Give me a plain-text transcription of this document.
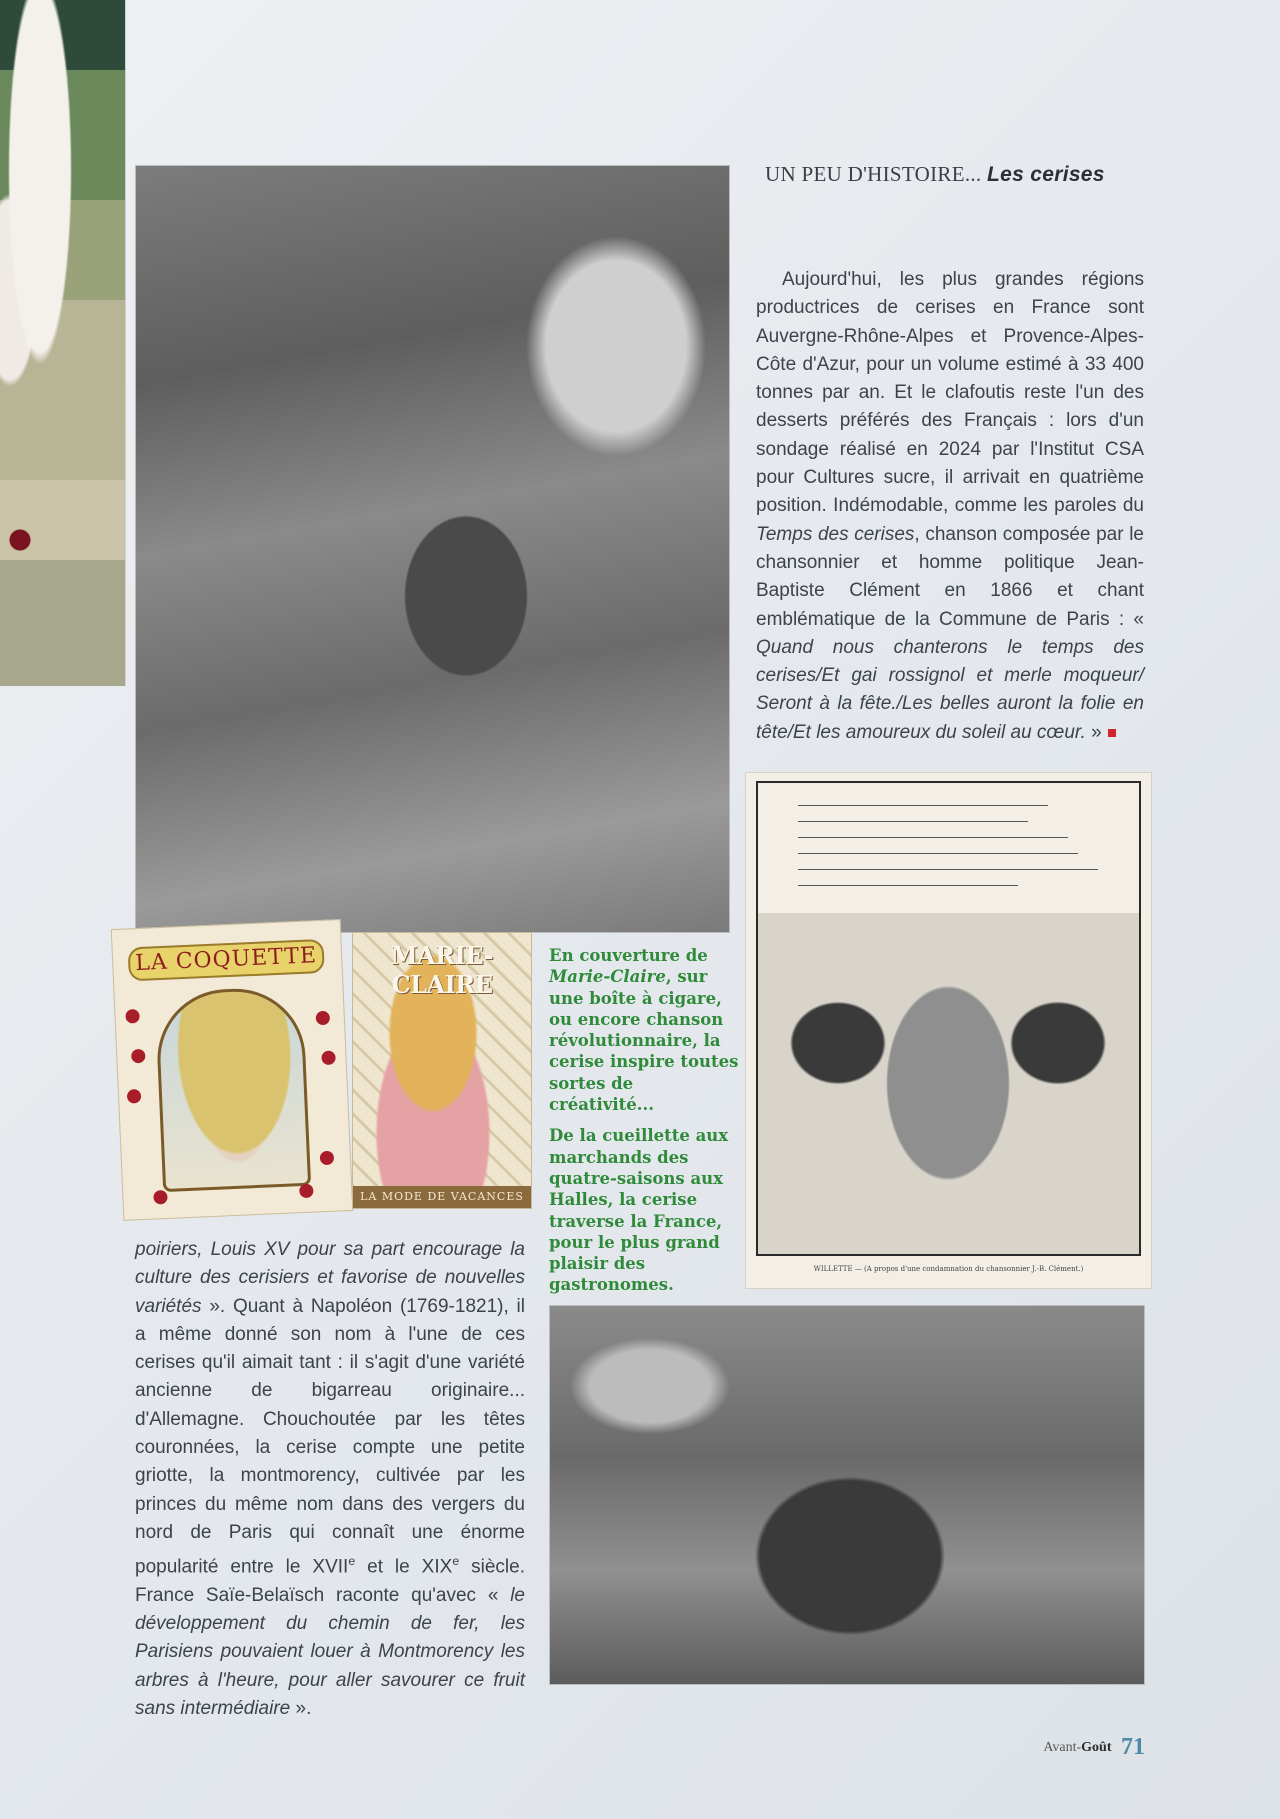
UN PEU D'HISTOIRE... Les cerises

Aujourd'hui, les plus grandes régions productrices de cerises en France sont Auvergne-Rhône-Alpes et Provence-Alpes-Côte d'Azur, pour un volume estimé à 33 400 tonnes par an. Et le clafoutis reste l'un des desserts préférés des Français : lors d'un sondage réalisé en 2024 par l'Institut CSA pour Cultures sucre, il arrivait en quatrième position. Indémodable, comme les paroles du Temps des cerises, chanson composée par le chansonnier et homme politique Jean-Baptiste Clément en 1866 et chant emblématique de la Commune de Paris : « Quand nous chanterons le temps des cerises/Et gai rossignol et merle moqueur/ Seront à la fête./Les belles auront la folie en tête/Et les amoureux du soleil au cœur. »

WILLETTE — (A propos d'une condamnation du chansonnier J.-B. Clément.)
LA COQUETTE	MARIE-CLAIRE
LA MODE DE VACANCES

En couverture de Marie-Claire, sur une boîte à cigare, ou encore chanson révolutionnaire, la cerise inspire toutes sortes de créativité...

De la cueillette aux marchands des quatre-saisons aux Halles, la cerise traverse la France, pour le plus grand plaisir des gastronomes.

poiriers, Louis XV pour sa part encourage la culture des cerisiers et favorise de nouvelles variétés ». Quant à Napoléon (1769-1821), il a même donné son nom à l'une de ces cerises qu'il aimait tant : il s'agit d'une variété ancienne de bigarreau originaire... d'Allemagne. Chouchoutée par les têtes couronnées, la cerise compte une petite griotte, la montmorency, cultivée par les princes du même nom dans des vergers du nord de Paris qui connaît une énorme popularité entre le XVIIe et le XIXe siècle. France Saïe-Belaïsch raconte qu'avec « le développement du chemin de fer, les Parisiens pouvaient louer à Montmorency les arbres à l'heure, pour aller savourer ce fruit sans intermédiaire ».

Avant-Goût 71
